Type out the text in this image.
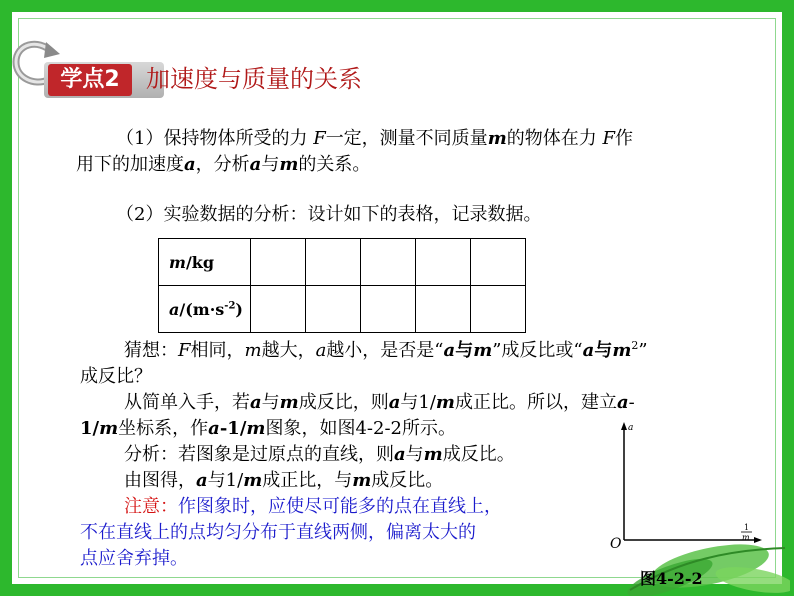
学点2	加速度与质量的关系
（1）保持物体所受的力 F一定，测量不同质量m的物体在力 F作
用下的加速度a，分析a与m的关系。
（2）实验数据的分析：设计如下的表格，记录数据。
m/kg					
$a/(m\cdot s^{-2})$					
猜想：F相同，m越大，a越小，是否是“a与m”成反比或“a与$m^2$”
成反比？
从简单入手，若a与m成反比，则a与1/m成正比。所以，建立a-
1/m坐标系，作a-1/m图象，如图4-2-2所示。
分析：若图象是过原点的直线，则a与m成反比。
由图得，a与1/m成正比，与m成反比。
注意：作图象时，应使尽可能多的点在直线上，
不在直线上的点均匀分布于直线两侧，偏离太大的
点应舍弃掉。
a
1
m
O
图4-2-2
